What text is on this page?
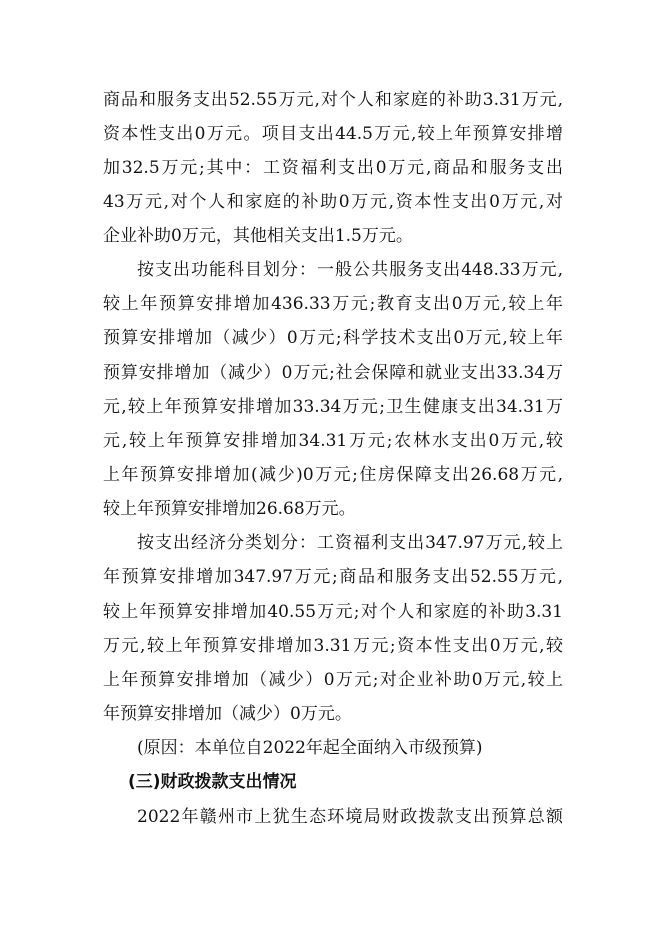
商品和服务支出52.55万元,对个人和家庭的补助3.31万元,
资本性支出0万元。项目支出44.5万元,较上年预算安排增
加32.5万元;其中：工资福利支出0万元,商品和服务支出
43万元,对个人和家庭的补助0万元,资本性支出0万元,对
企业补助0万元，其他相关支出1.5万元。
按支出功能科目划分：一般公共服务支出448.33万元,
较上年预算安排增加436.33万元;教育支出0万元,较上年
预算安排增加（减少）0万元;科学技术支出0万元,较上年
预算安排增加（减少）0万元;社会保障和就业支出33.34万
元,较上年预算安排增加33.34万元;卫生健康支出34.31万
元,较上年预算安排增加34.31万元;农林水支出0万元,较
上年预算安排增加(减少)0万元;住房保障支出26.68万元,
较上年预算安排增加26.68万元。
按支出经济分类划分：工资福利支出347.97万元,较上
年预算安排增加347.97万元;商品和服务支出52.55万元,
较上年预算安排增加40.55万元;对个人和家庭的补助3.31
万元,较上年预算安排增加3.31万元;资本性支出0万元,较
上年预算安排增加（减少）0万元;对企业补助0万元,较上
年预算安排增加（减少）0万元。
(原因：本单位自2022年起全面纳入市级预算)
(三)财政拨款支出情况
2022年赣州市上犹生态环境局财政拨款支出预算总额
